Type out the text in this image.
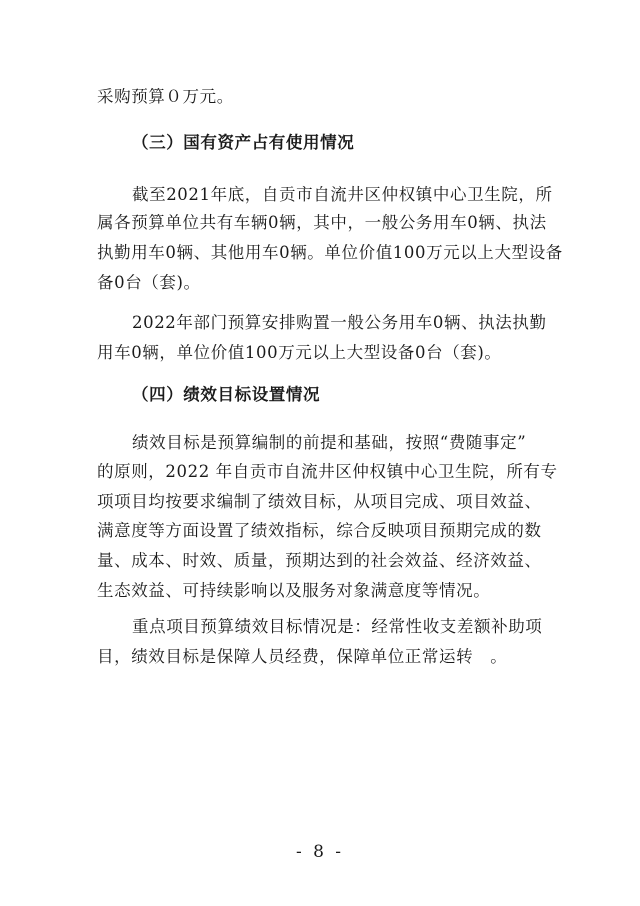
采购预算０万元。
（三）国有资产占有使用情况
截至2021年底，自贡市自流井区仲权镇中心卫生院，所
属各预算单位共有车辆0辆，其中，一般公务用车0辆、执法
执勤用车0辆、其他用车0辆。单位价值100万元以上大型设备
备0台（套)。
2022年部门预算安排购置一般公务用车0辆、执法执勤
用车0辆，单位价值100万元以上大型设备0台（套)。
（四）绩效目标设置情况
绩效目标是预算编制的前提和基础，按照“费随事定”
的原则，2022 年自贡市自流井区仲权镇中心卫生院，所有专
项项目均按要求编制了绩效目标，从项目完成、项目效益、
满意度等方面设置了绩效指标，综合反映项目预期完成的数
量、成本、时效、质量，预期达到的社会效益、经济效益、
生态效益、可持续影响以及服务对象满意度等情况。
重点项目预算绩效目标情况是：经常性收支差额补助项
目，绩效目标是保障人员经费，保障单位正常运转　。
- 8 -
